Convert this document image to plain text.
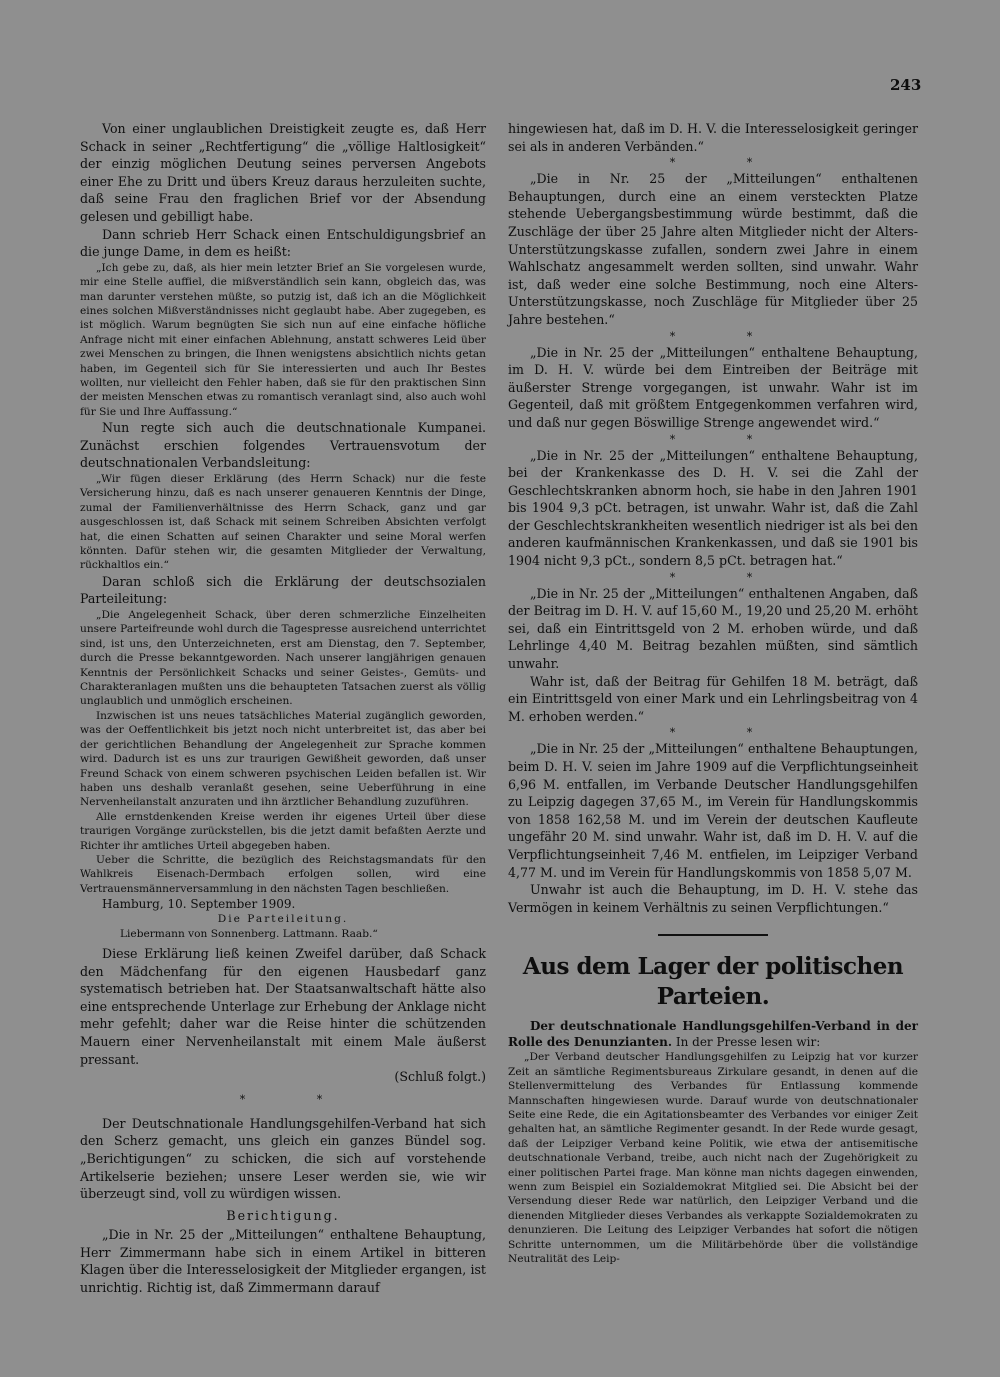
243

Von einer unglaublichen Dreistigkeit zeugte es, daß Herr Schack in seiner „Rechtfertigung“ die „völlige Haltlosigkeit“ der einzig möglichen Deutung seines perversen Angebots einer Ehe zu Dritt und übers Kreuz daraus herzuleiten suchte, daß seine Frau den fraglichen Brief vor der Absendung gelesen und gebilligt habe.

Dann schrieb Herr Schack einen Entschuldigungsbrief an die junge Dame, in dem es heißt:

„Ich gebe zu, daß, als hier mein letzter Brief an Sie vorgelesen wurde, mir eine Stelle auffiel, die mißverständlich sein kann, obgleich das, was man darunter verstehen müßte, so putzig ist, daß ich an die Möglichkeit eines solchen Mißverständnisses nicht geglaubt habe. Aber zugegeben, es ist möglich. Warum begnügten Sie sich nun auf eine einfache höfliche Anfrage nicht mit einer einfachen Ablehnung, anstatt schweres Leid über zwei Menschen zu bringen, die Ihnen wenigstens absichtlich nichts getan haben, im Gegenteil sich für Sie interessierten und auch Ihr Bestes wollten, nur vielleicht den Fehler haben, daß sie für den praktischen Sinn der meisten Menschen etwas zu romantisch veranlagt sind, also auch wohl für Sie und Ihre Auffassung.“

Nun regte sich auch die deutschnationale Kumpanei. Zunächst erschien folgendes Vertrauensvotum der deutschnationalen Verbandsleitung:

„Wir fügen dieser Erklärung (des Herrn Schack) nur die feste Versicherung hinzu, daß es nach unserer genaueren Kenntnis der Dinge, zumal der Familienverhältnisse des Herrn Schack, ganz und gar ausgeschlossen ist, daß Schack mit seinem Schreiben Absichten verfolgt hat, die einen Schatten auf seinen Charakter und seine Moral werfen könnten. Dafür stehen wir, die gesamten Mitglieder der Verwaltung, rückhaltlos ein.“

Daran schloß sich die Erklärung der deutschsozialen Parteileitung:

„Die Angelegenheit Schack, über deren schmerzliche Einzelheiten unsere Parteifreunde wohl durch die Tagespresse ausreichend unterrichtet sind, ist uns, den Unterzeichneten, erst am Dienstag, den 7. September, durch die Presse bekanntgeworden. Nach unserer langjährigen genauen Kenntnis der Persönlichkeit Schacks und seiner Geistes-, Gemüts- und Charakteranlagen mußten uns die behaupteten Tatsachen zuerst als völlig unglaublich und unmöglich erscheinen.

Inzwischen ist uns neues tatsächliches Material zugänglich geworden, was der Oeffentlichkeit bis jetzt noch nicht unterbreitet ist, das aber bei der gerichtlichen Behandlung der Angelegenheit zur Sprache kommen wird. Dadurch ist es uns zur traurigen Gewißheit geworden, daß unser Freund Schack von einem schweren psychischen Leiden befallen ist. Wir haben uns deshalb veranlaßt gesehen, seine Ueberführung in eine Nervenheilanstalt anzuraten und ihn ärztlicher Behandlung zuzuführen.

Alle ernstdenkenden Kreise werden ihr eigenes Urteil über diese traurigen Vorgänge zurückstellen, bis die jetzt damit befaßten Aerzte und Richter ihr amtliches Urteil abgegeben haben.

Ueber die Schritte, die bezüglich des Reichstagsmandats für den Wahlkreis Eisenach-Dermbach erfolgen sollen, wird eine Vertrauensmännerversammlung in den nächsten Tagen beschließen.

Hamburg, 10. September 1909.

Die Parteileitung.

Liebermann von Sonnenberg. Lattmann. Raab.“

Diese Erklärung ließ keinen Zweifel darüber, daß Schack den Mädchenfang für den eigenen Hausbedarf ganz systematisch betrieben hat. Der Staatsanwaltschaft hätte also eine entsprechende Unterlage zur Erhebung der Anklage nicht mehr gefehlt; daher war die Reise hinter die schützenden Mauern einer Nervenheilanstalt mit einem Male äußerst pressant.

(Schluß folgt.)

* *

Der Deutschnationale Handlungsgehilfen-Verband hat sich den Scherz gemacht, uns gleich ein ganzes Bündel sog. „Berichtigungen“ zu schicken, die sich auf vorstehende Artikelserie beziehen; unsere Leser werden sie, wie wir überzeugt sind, voll zu würdigen wissen.

Berichtigung.

„Die in Nr. 25 der „Mitteilungen“ enthaltene Behauptung, Herr Zimmermann habe sich in einem Artikel in bitteren Klagen über die Interesselosigkeit der Mitglieder ergangen, ist unrichtig. Richtig ist, daß Zimmermann darauf

hingewiesen hat, daß im D. H. V. die Interesselosigkeit geringer sei als in anderen Verbänden.“

* *

„Die in Nr. 25 der „Mitteilungen“ enthaltenen Behauptungen, durch eine an einem versteckten Platze stehende Uebergangsbestimmung würde bestimmt, daß die Zuschläge der über 25 Jahre alten Mitglieder nicht der Alters-Unterstützungskasse zufallen, sondern zwei Jahre in einem Wahlschatz angesammelt werden sollten, sind unwahr. Wahr ist, daß weder eine solche Bestimmung, noch eine Alters-Unterstützungskasse, noch Zuschläge für Mitglieder über 25 Jahre bestehen.“

* *

„Die in Nr. 25 der „Mitteilungen“ enthaltene Behauptung, im D. H. V. würde bei dem Eintreiben der Beiträge mit äußerster Strenge vorgegangen, ist unwahr. Wahr ist im Gegenteil, daß mit größtem Entgegenkommen verfahren wird, und daß nur gegen Böswillige Strenge angewendet wird.“

* *

„Die in Nr. 25 der „Mitteilungen“ enthaltene Behauptung, bei der Krankenkasse des D. H. V. sei die Zahl der Geschlechtskranken abnorm hoch, sie habe in den Jahren 1901 bis 1904 9,3 pCt. betragen, ist unwahr. Wahr ist, daß die Zahl der Geschlechtskrankheiten wesentlich niedriger ist als bei den anderen kaufmännischen Krankenkassen, und daß sie 1901 bis 1904 nicht 9,3 pCt., sondern 8,5 pCt. betragen hat.“

* *

„Die in Nr. 25 der „Mitteilungen“ enthaltenen Angaben, daß der Beitrag im D. H. V. auf 15,60 M., 19,20 und 25,20 M. erhöht sei, daß ein Eintrittsgeld von 2 M. erhoben würde, und daß Lehrlinge 4,40 M. Beitrag bezahlen müßten, sind sämtlich unwahr.

Wahr ist, daß der Beitrag für Gehilfen 18 M. beträgt, daß ein Eintrittsgeld von einer Mark und ein Lehrlingsbeitrag von 4 M. erhoben werden.“

* *

„Die in Nr. 25 der „Mitteilungen“ enthaltene Behauptungen, beim D. H. V. seien im Jahre 1909 auf die Verpflichtungseinheit 6,96 M. entfallen, im Verbande Deutscher Handlungsgehilfen zu Leipzig dagegen 37,65 M., im Verein für Handlungskommis von 1858 162,58 M. und im Verein der deutschen Kaufleute ungefähr 20 M. sind unwahr. Wahr ist, daß im D. H. V. auf die Verpflichtungseinheit 7,46 M. entfielen, im Leipziger Verband 4,77 M. und im Verein für Handlungskommis von 1858 5,07 M.

Unwahr ist auch die Behauptung, im D. H. V. stehe das Vermögen in keinem Verhältnis zu seinen Verpflichtungen.“

Aus dem Lager der politischen Parteien.

Der deutschnationale Handlungsgehilfen-Verband in der Rolle des Denunzianten. In der Presse lesen wir:

„Der Verband deutscher Handlungsgehilfen zu Leipzig hat vor kurzer Zeit an sämtliche Regimentsbureaus Zirkulare gesandt, in denen auf die Stellenvermittelung des Verbandes für Entlassung kommende Mannschaften hingewiesen wurde. Darauf wurde von deutschnationaler Seite eine Rede, die ein Agitationsbeamter des Verbandes vor einiger Zeit gehalten hat, an sämtliche Regimenter gesandt. In der Rede wurde gesagt, daß der Leipziger Verband keine Politik, wie etwa der antisemitische deutschnationale Verband, treibe, auch nicht nach der Zugehörigkeit zu einer politischen Partei frage. Man könne man nichts dagegen einwenden, wenn zum Beispiel ein Sozialdemokrat Mitglied sei. Die Absicht bei der Versendung dieser Rede war natürlich, den Leipziger Verband und die dienenden Mitglieder dieses Verbandes als verkappte Sozialdemokraten zu denunzieren. Die Leitung des Leipziger Verbandes hat sofort die nötigen Schritte unternommen, um die Militärbehörde über die vollständige Neutralität des Leip-
